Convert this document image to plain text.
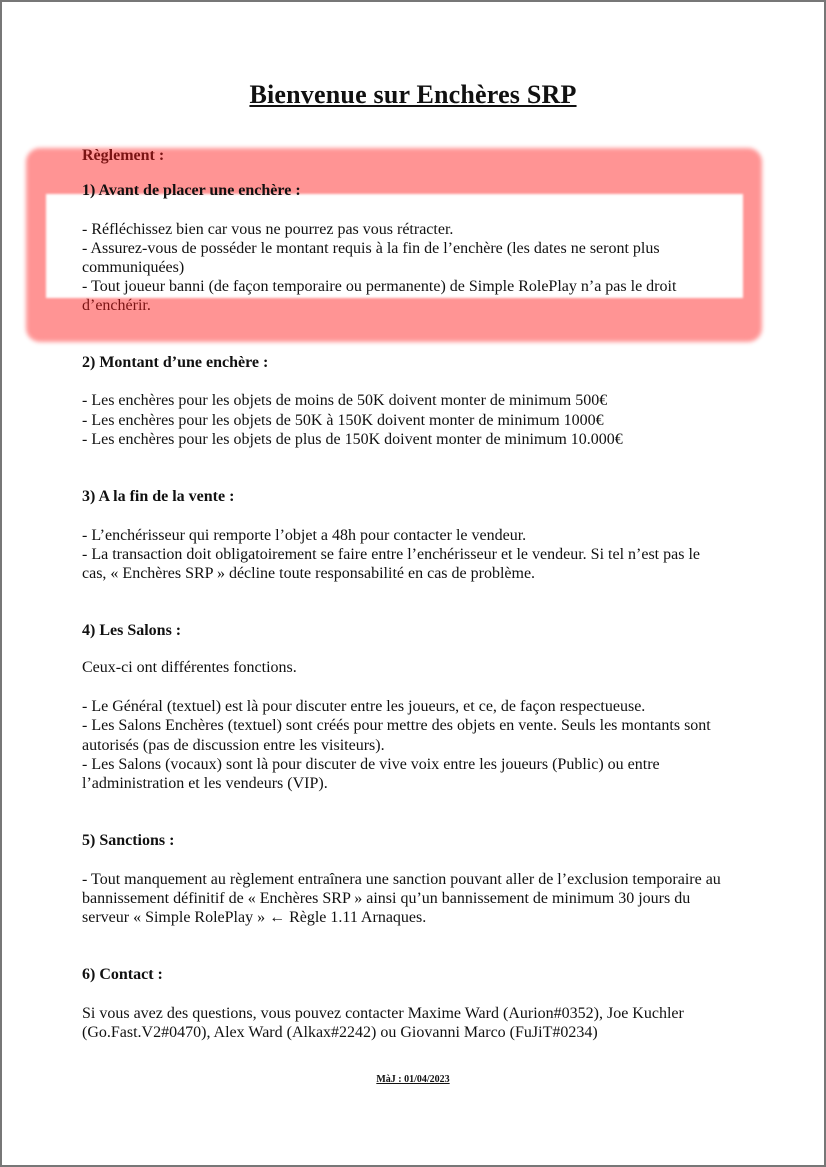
Bienvenue sur Enchères SRP
Règlement :
1) Avant de placer une enchère :
- Réfléchissez bien car vous ne pourrez pas vous rétracter.
- Assurez-vous de posséder le montant requis à la fin de l’enchère (les dates ne seront plus
communiquées)
- Tout joueur banni (de façon temporaire ou permanente) de Simple RolePlay n’a pas le droit
d’enchérir.
2) Montant d’une enchère :
- Les enchères pour les objets de moins de 50K doivent monter de minimum 500€
- Les enchères pour les objets de 50K à 150K doivent monter de minimum 1000€
- Les enchères pour les objets de plus de 150K doivent monter de minimum 10.000€
3) A la fin de la vente :
- L’enchérisseur qui remporte l’objet a 48h pour contacter le vendeur.
- La transaction doit obligatoirement se faire entre l’enchérisseur et le vendeur. Si tel n’est pas le
cas, « Enchères SRP » décline toute responsabilité en cas de problème.
4) Les Salons :
Ceux-ci ont différentes fonctions.
- Le Général (textuel) est là pour discuter entre les joueurs, et ce, de façon respectueuse.
- Les Salons Enchères (textuel) sont créés pour mettre des objets en vente. Seuls les montants sont
autorisés (pas de discussion entre les visiteurs).
- Les Salons (vocaux) sont là pour discuter de vive voix entre les joueurs (Public) ou entre
l’administration et les vendeurs (VIP).
5) Sanctions :
- Tout manquement au règlement entraînera une sanction pouvant aller de l’exclusion temporaire au
bannissement définitif de « Enchères SRP » ainsi qu’un bannissement de minimum 30 jours du
serveur « Simple RolePlay » ← Règle 1.11 Arnaques.
6) Contact :
Si vous avez des questions, vous pouvez contacter Maxime Ward (Aurion#0352), Joe Kuchler
(Go.Fast.V2#0470), Alex Ward (Alkax#2242) ou Giovanni Marco (FuJiT#0234)
MàJ : 01/04/2023
